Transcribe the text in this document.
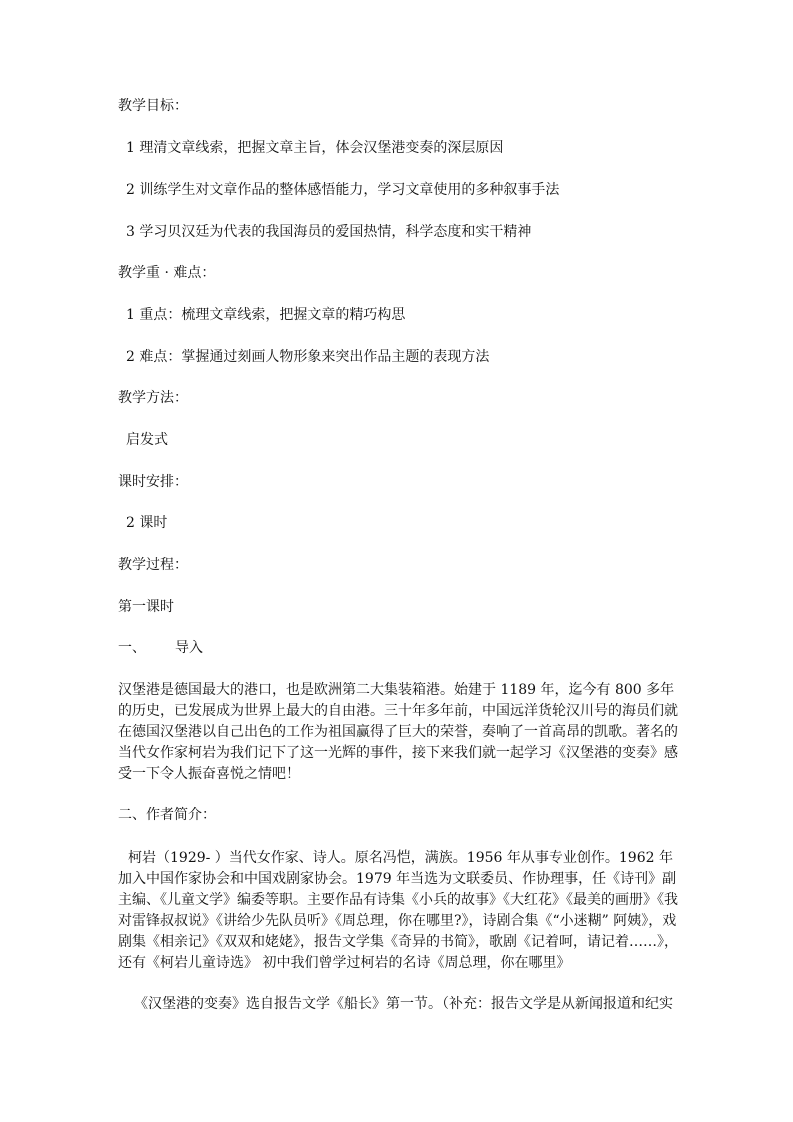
教学目标：
1 理清文章线索，把握文章主旨，体会汉堡港变奏的深层原因
2 训练学生对文章作品的整体感悟能力，学习文章使用的多种叙事手法
3 学习贝汉廷为代表的我国海员的爱国热情，科学态度和实干精神
教学重 · 难点：
1 重点：梳理文章线索，把握文章的精巧构思
2 难点：掌握通过刻画人物形象来突出作品主题的表现方法
教学方法：
启发式
课时安排：
2 课时
教学过程：
第一课时
一、 导入
汉堡港是德国最大的港口，也是欧洲第二大集装箱港。始建于 1189 年，迄今有 800 多年的历史，已发展成为世界上最大的自由港。三十年多年前，中国远洋货轮汉川号的海员们就在德国汉堡港以自己出色的工作为祖国赢得了巨大的荣誉，奏响了一首高昂的凯歌。著名的当代女作家柯岩为我们记下了这一光辉的事件，接下来我们就一起学习《汉堡港的变奏》感受一下令人振奋喜悦之情吧！
二、作者简介：
柯岩（1929- ）当代女作家、诗人。原名冯恺，满族。1956 年从事专业创作。1962 年加入中国作家协会和中国戏剧家协会。1979 年当选为文联委员、作协理事，任《诗刊》副主编、《儿童文学》编委等职。主要作品有诗集《小兵的故事》《大红花》《最美的画册》《我对雷锋叔叔说》《讲给少先队员听》《周总理，你在哪里?》，诗剧合集《“小迷糊” 阿姨》，戏剧集《相亲记》《双双和姥姥》，报告文学集《奇异的书简》，歌剧《记着呵，请记着……》，还有《柯岩儿童诗选》 初中我们曾学过柯岩的名诗《周总理，你在哪里》
《汉堡港的变奏》选自报告文学《船长》第一节。（补充：报告文学是从新闻报道和纪实
